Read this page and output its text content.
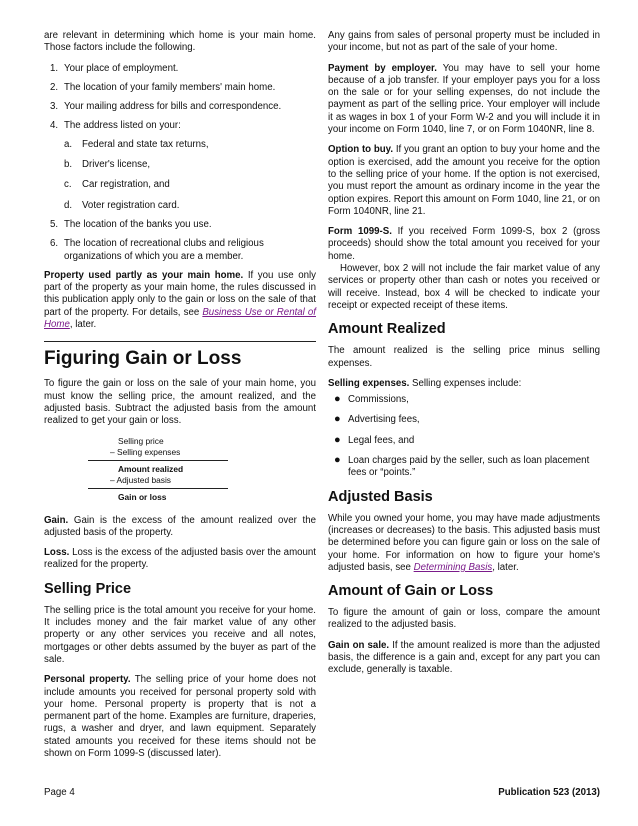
are relevant in determining which home is your main home. Those factors include the following.

1. Your place of employment.
2. The location of your family members' main home.
3. Your mailing address for bills and correspondence.
4. The address listed on your:
a. Federal and state tax returns,
b. Driver's license,
c. Car registration, and
d. Voter registration card.
5. The location of the banks you use.
6. The location of recreational clubs and religious organizations of which you are a member.

Property used partly as your main home. If you use only part of the property as your main home, the rules discussed in this publication apply only to the gain or loss on the sale of that part of the property. For details, see Business Use or Rental of Home, later.

Figuring Gain or Loss

To figure the gain or loss on the sale of your main home, you must know the selling price, the amount realized, and the adjusted basis. Subtract the adjusted basis from the amount realized to get your gain or loss.

Selling price
– Selling expenses
Amount realized
– Adjusted basis
Gain or loss

Gain. Gain is the excess of the amount realized over the adjusted basis of the property.

Loss. Loss is the excess of the adjusted basis over the amount realized for the property.

Selling Price

The selling price is the total amount you receive for your home. It includes money and the fair market value of any other property or any other services you receive and all notes, mortgages or other debts assumed by the buyer as part of the sale.

Personal property. The selling price of your home does not include amounts you received for personal property sold with your home. Personal property is property that is not a permanent part of the home. Examples are furniture, draperies, rugs, a washer and dryer, and lawn equipment. Separately stated amounts you received for these items should not be shown on Form 1099-S (discussed later).

Any gains from sales of personal property must be included in your income, but not as part of the sale of your home.

Payment by employer. You may have to sell your home because of a job transfer. If your employer pays you for a loss on the sale or for your selling expenses, do not include the payment as part of the selling price. Your employer will include it as wages in box 1 of your Form W-2 and you will include it in your income on Form 1040, line 7, or on Form 1040NR, line 8.

Option to buy. If you grant an option to buy your home and the option is exercised, add the amount you receive for the option to the selling price of your home. If the option is not exercised, you must report the amount as ordinary income in the year the option expires. Report this amount on Form 1040, line 21, or on Form 1040NR, line 21.

Form 1099-S. If you received Form 1099-S, box 2 (gross proceeds) should show the total amount you received for your home.

However, box 2 will not include the fair market value of any services or property other than cash or notes you received or will receive. Instead, box 4 will be checked to indicate your receipt or expected receipt of these items.

Amount Realized

The amount realized is the selling price minus selling expenses.

Selling expenses. Selling expenses include:

● Commissions,
● Advertising fees,
● Legal fees, and
● Loan charges paid by the seller, such as loan placement fees or “points.”
Adjusted Basis

While you owned your home, you may have made adjustments (increases or decreases) to the basis. This adjusted basis must be determined before you can figure gain or loss on the sale of your home. For information on how to figure your home's adjusted basis, see Determining Basis, later.

Amount of Gain or Loss

To figure the amount of gain or loss, compare the amount realized to the adjusted basis.

Gain on sale. If the amount realized is more than the adjusted basis, the difference is a gain and, except for any part you can exclude, generally is taxable.

Page 4	Publication 523 (2013)
